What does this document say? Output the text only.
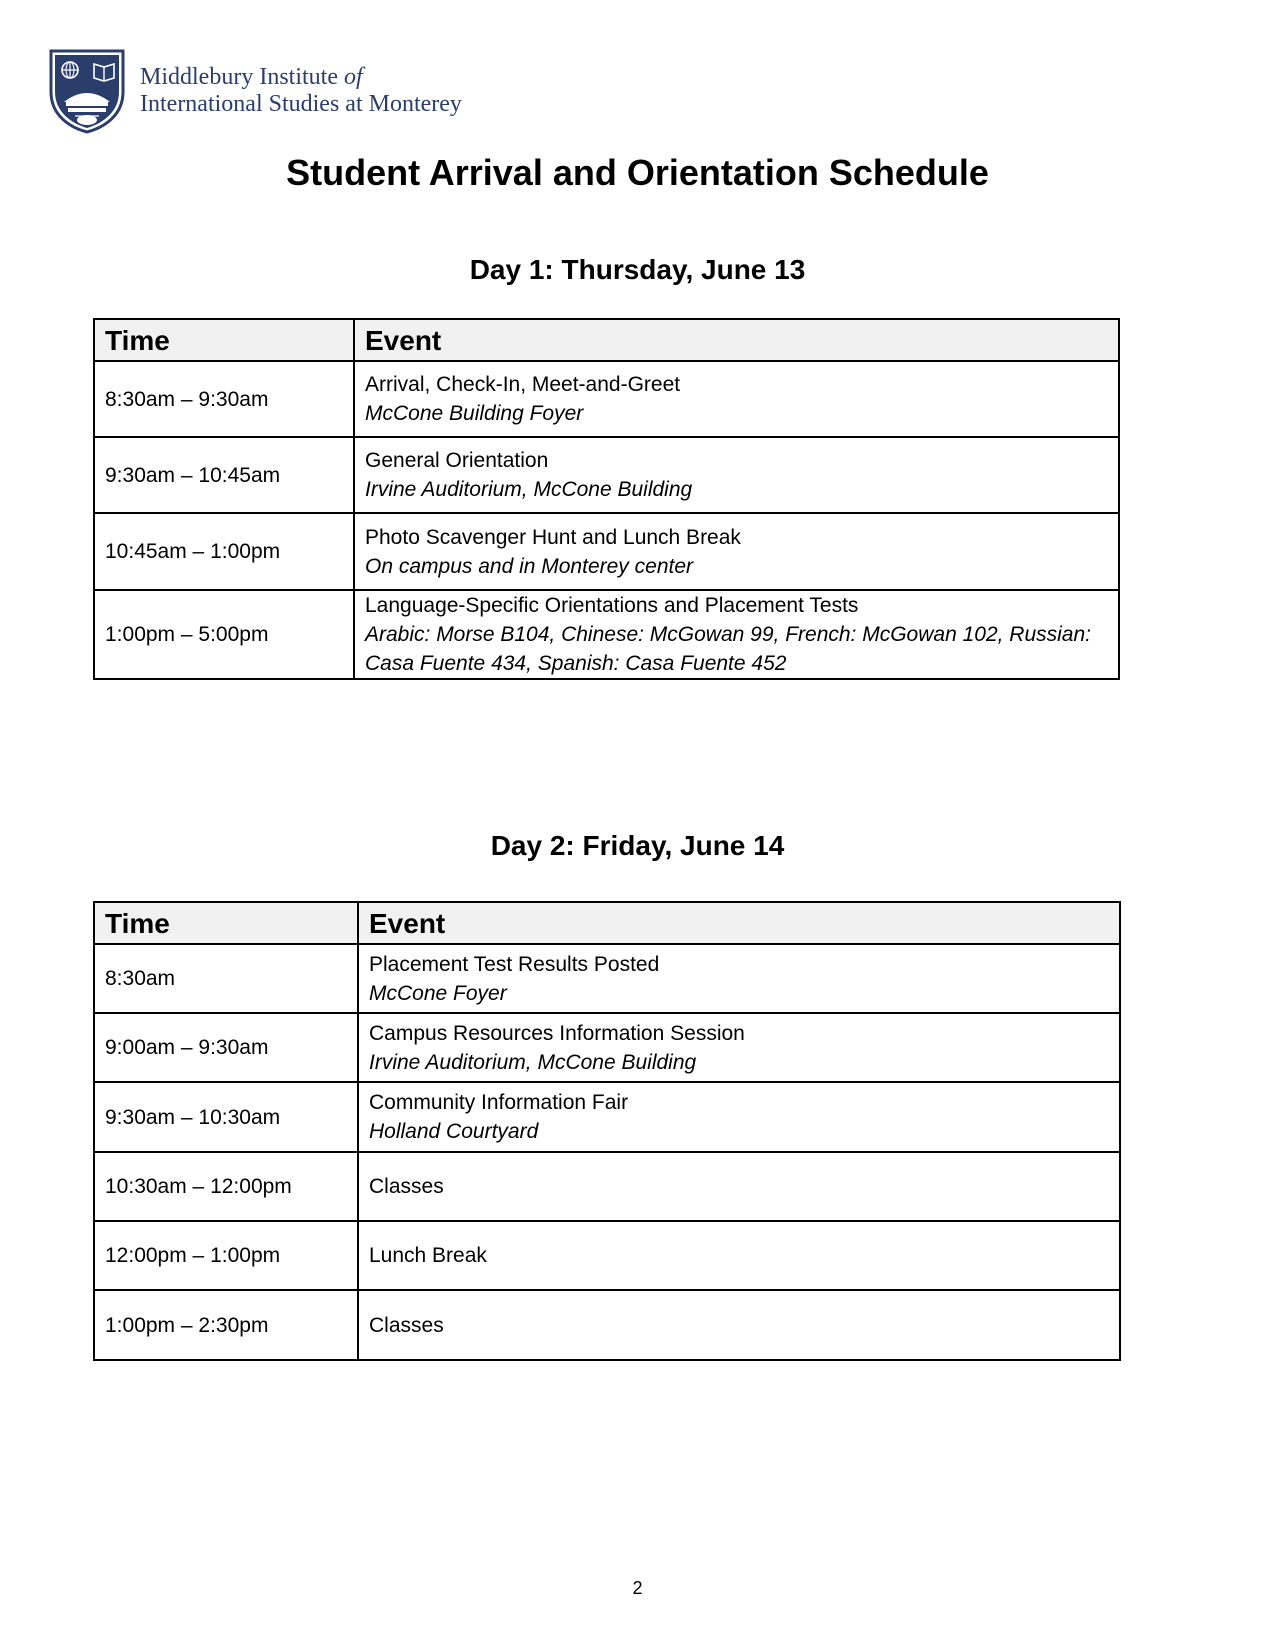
Middlebury Institute of
International Studies at Monterey
Student Arrival and Orientation Schedule
Day 1: Thursday, June 13
Time	Event
8:30am – 9:30am	Arrival, Check-In, Meet-and-Greet
McCone Building Foyer

9:30am – 10:45am	General Orientation
Irvine Auditorium, McCone Building

10:45am – 1:00pm	Photo Scavenger Hunt and Lunch Break
On campus and in Monterey center

1:00pm – 5:00pm	Language-Specific Orientations and Placement Tests
Arabic: Morse B104, Chinese: McGowan 99, French: McGowan 102, Russian: Casa Fuente 434, Spanish: Casa Fuente 452
Day 2: Friday, June 14
Time	Event
8:30am	Placement Test Results Posted
McCone Foyer

9:00am – 9:30am	Campus Resources Information Session
Irvine Auditorium, McCone Building

9:30am – 10:30am	Community Information Fair
Holland Courtyard

10:30am – 12:00pm	Classes
12:00pm – 1:00pm	Lunch Break
1:00pm – 2:30pm	Classes
2
